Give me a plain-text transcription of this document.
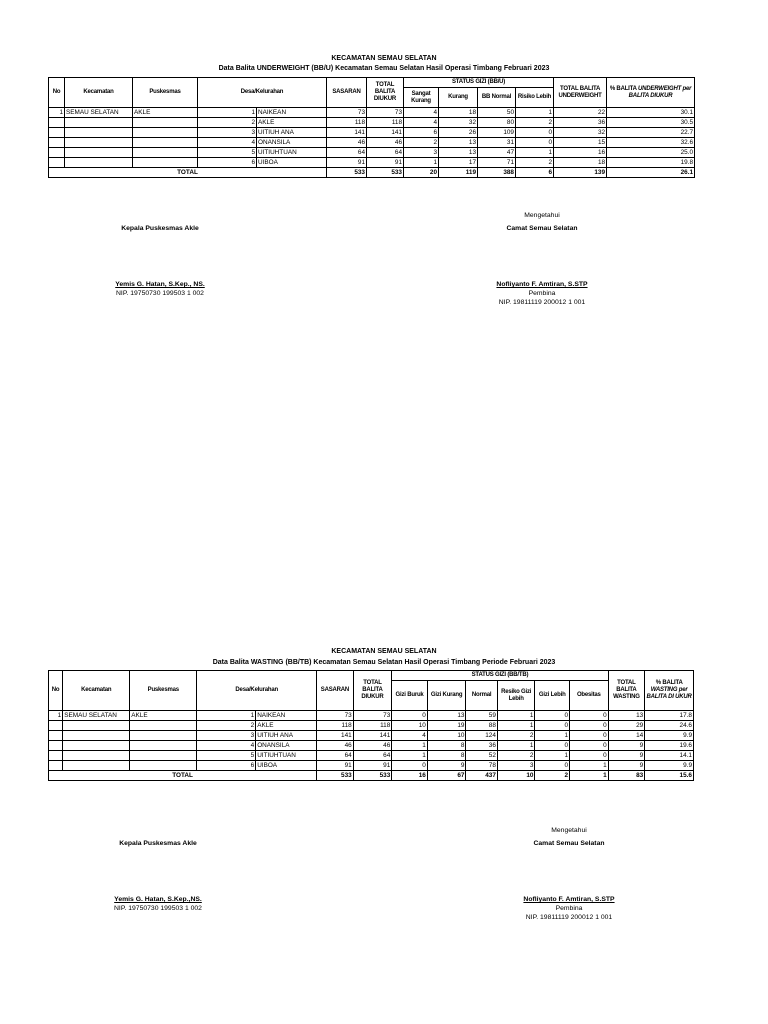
KECAMATAN SEMAU SELATAN
Data Balita UNDERWEIGHT (BB/U) Kecamatan Semau Selatan Hasil Operasi Timbang Februari 2023
No	Kecamatan	Puskesmas	Desa/Kelurahan		SASARAN	TOTAL BALITA DIUKUR	STATUS GIZI (BB/U)				TOTAL BALITA UNDERWEIGHT	% BALITA UNDERWEIGHT per BALITA DIUKUR
							Sangat Kurang	Kurang	BB Normal	Risiko Lebih		
1	SEMAU SELATAN	AKLE	1	NAIKEAN	73	73	4	18	50	1	22	30.1
			2	AKLE	118	118	4	32	80	2	36	30.5
			3	UITIUH ANA	141	141	6	26	109	0	32	22.7
			4	ONANSILA	46	46	2	13	31	0	15	32.6
			5	UITIUHTUAN	64	64	3	13	47	1	16	25.0
			6	UIBOA	91	91	1	17	71	2	18	19.8
TOTAL					533	533	20	119	388	6	139	26.1
Kepala Puskesmas Akle
Yemis G. Hatan, S.Kep., NS.
NIP. 19750730 199503 1 002
Mengetahui
Camat Semau Selatan
Nofliyanto F. Amtiran, S.STP
Pembina
NIP. 19811119 200012 1 001
KECAMATAN SEMAU SELATAN
Data Balita WASTING (BB/TB) Kecamatan Semau Selatan Hasil Operasi Timbang Periode Februari 2023
No	Kecamatan	Puskesmas	Desa/Kelurahan		SASARAN	TOTAL BALITA DIUKUR	STATUS GIZI (BB/TB)						TOTAL BALITA WASTING	% BALITA WASTING per BALITA DI UKUR
							Gizi Buruk	Gizi Kurang	Normal	Resiko Gizi Lebih	Gizi Lebih	Obesitas		
1	SEMAU SELATAN	AKLE	1	NAIKEAN	73	73	0	13	59	1	0	0	13	17.8
			2	AKLE	118	118	10	19	88	1	0	0	29	24.6
			3	UITIUH ANA	141	141	4	10	124	2	1	0	14	9.9
			4	ONANSILA	46	46	1	8	36	1	0	0	9	19.6
			5	UITIUHTUAN	64	64	1	8	52	2	1	0	9	14.1
			6	UIBOA	91	91	0	9	78	3	0	1	9	9.9
TOTAL					533	533	16	67	437	10	2	1	83	15.6
Kepala Puskesmas Akle
Yemis G. Hatan, S.Kep.,NS.
NIP. 19750730 199503 1 002
Mengetahui
Camat Semau Selatan
Nofliyanto F. Amtiran, S.STP
Pembina
NIP. 19811119 200012 1 001
